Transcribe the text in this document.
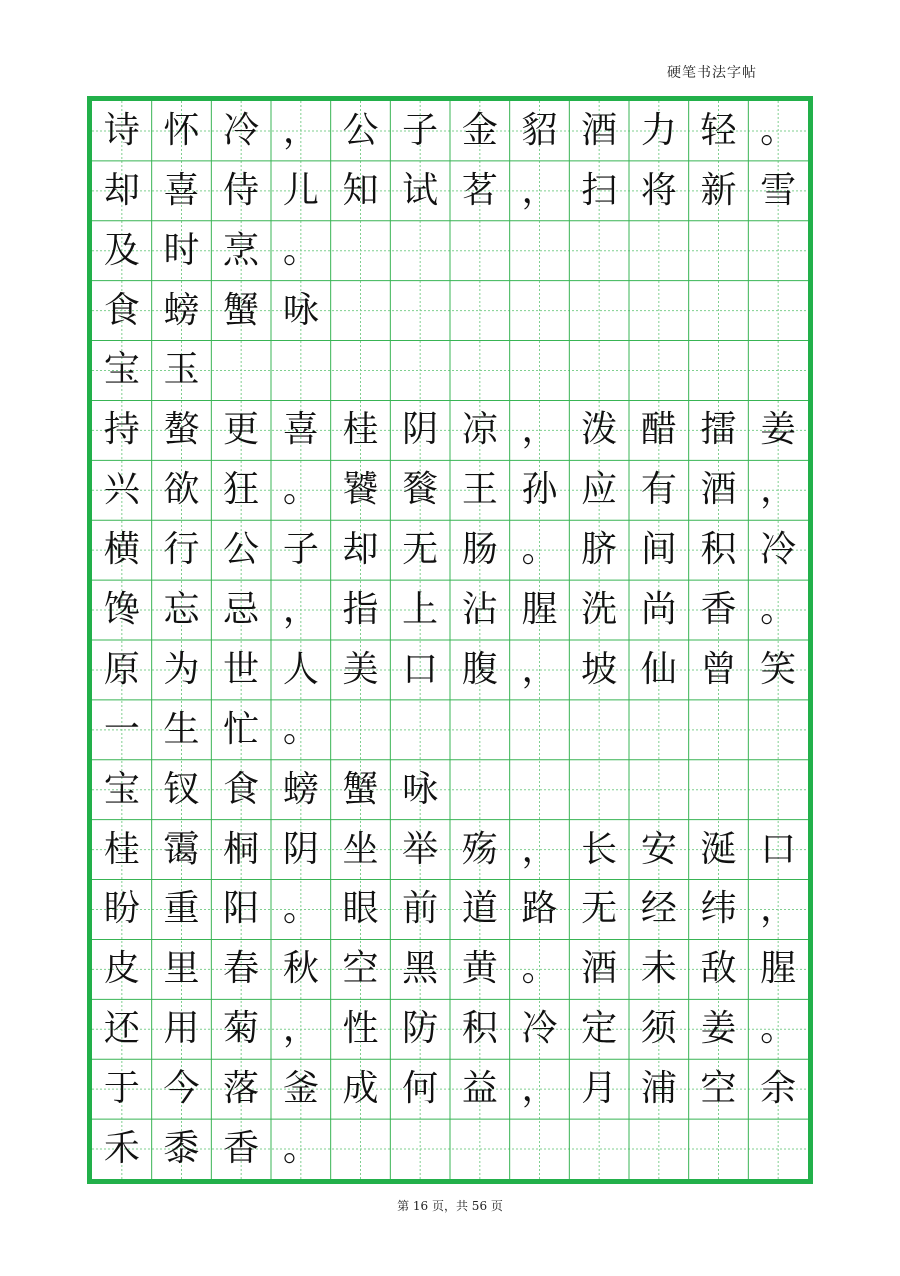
硬笔书法字帖
诗 怀 冷 ， 公 子 金 貂 酒 力 轻 。
却 喜 侍 儿 知 试 茗 ， 扫 将 新 雪
及 时 烹 。
食 螃 蟹 咏
宝 玉
持 螯 更 喜 桂 阴 凉 ， 泼 醋 擂 姜
兴 欲 狂 。 饕 餮 王 孙 应 有 酒 ，
横 行 公 子 却 无 肠 。 脐 间 积 冷
馋 忘 忌 ， 指 上 沾 腥 洗 尚 香 。
原 为 世 人 美 口 腹 ， 坡 仙 曾 笑
一 生 忙 。
宝 钗 食 螃 蟹 咏
桂 霭 桐 阴 坐 举 殇 ， 长 安 涎 口
盼 重 阳 。 眼 前 道 路 无 经 纬 ，
皮 里 春 秋 空 黑 黄 。 酒 未 敌 腥
还 用 菊 ， 性 防 积 冷 定 须 姜 。
于 今 落 釜 成 何 益 ， 月 浦 空 余
禾 黍 香 。
第 16 页，共 56 页
